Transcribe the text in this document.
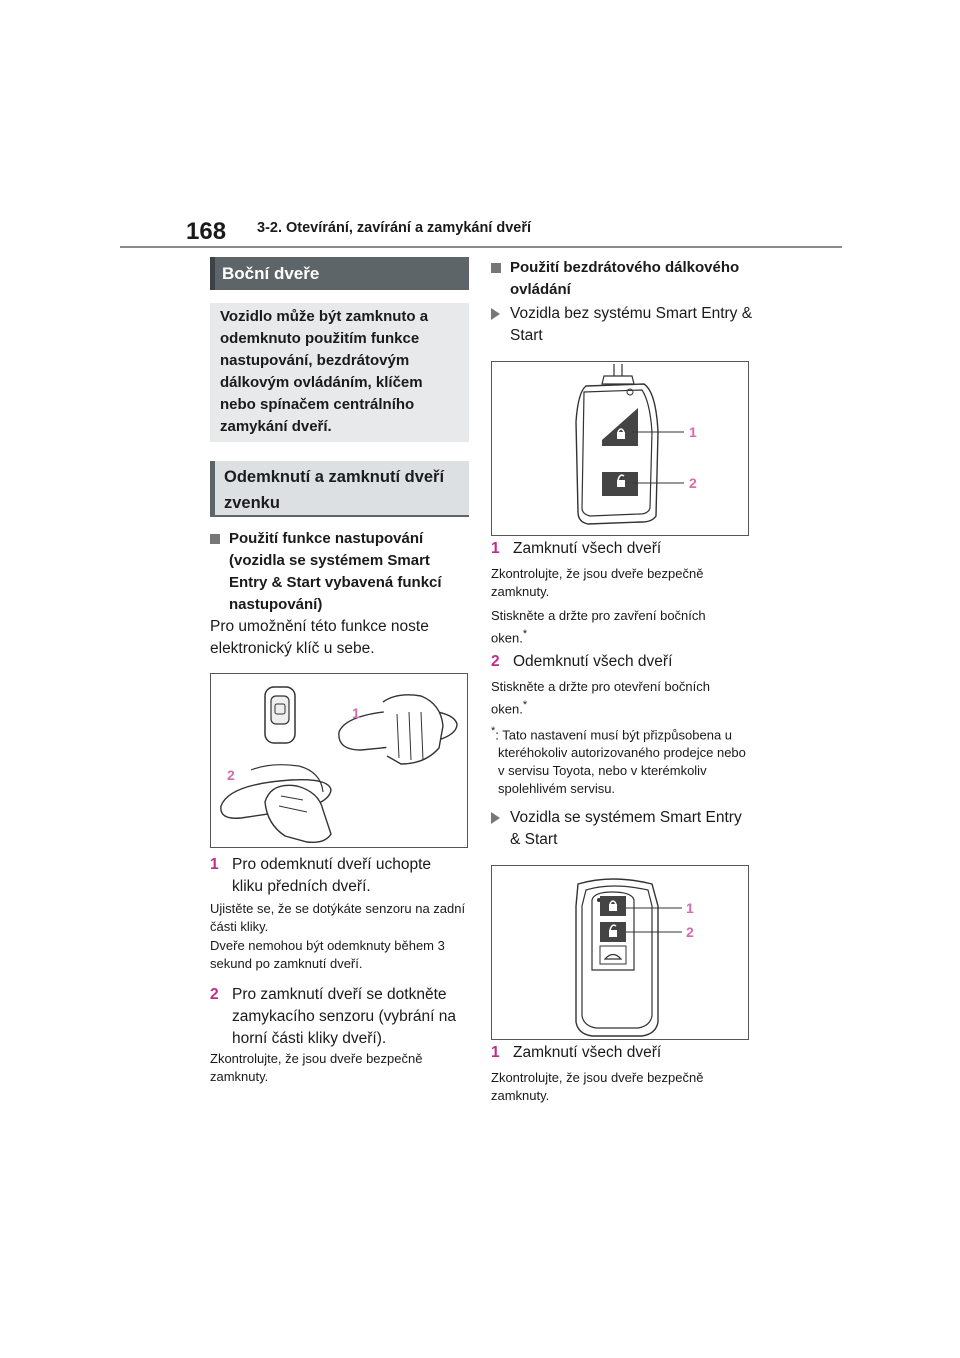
168 3-2. Otevírání, zavírání a zamykání dveří
Boční dveře
Vozidlo může být zamknuto a odemknuto použitím funkce nastupování, bezdrátovým dálkovým ovládáním, klíčem nebo spínačem centrálního zamykání dveří.
Odemknutí a zamknutí dveří zvenku
Použití funkce nastupování (vozidla se systémem Smart Entry & Start vybavená funkcí nastupování)
Pro umožnění této funkce noste elektronický klíč u sebe.
1
2
1 Pro odemknutí dveří uchopte kliku předních dveří.
Ujistěte se, že se dotýkáte senzoru na zadní části kliky.
Dveře nemohou být odemknuty během 3 sekund po zamknutí dveří.
2 Pro zamknutí dveří se dotkněte zamykacího senzoru (vybrání na horní části kliky dveří).
Zkontrolujte, že jsou dveře bezpečně zamknuty.
Použití bezdrátového dálkového ovládání
Vozidla bez systému Smart Entry & Start
1
2
1 Zamknutí všech dveří
Zkontrolujte, že jsou dveře bezpečně zamknuty.
Stiskněte a držte pro zavření bočních oken.*
2 Odemknutí všech dveří
Stiskněte a držte pro otevření bočních oken.*
*: Tato nastavení musí být přizpůsobena u kteréhokoliv autorizovaného prodejce nebo v servisu Toyota, nebo v kterémkoliv spolehlivém servisu.
Vozidla se systémem Smart Entry & Start
1
2
1 Zamknutí všech dveří
Zkontrolujte, že jsou dveře bezpečně zamknuty.
